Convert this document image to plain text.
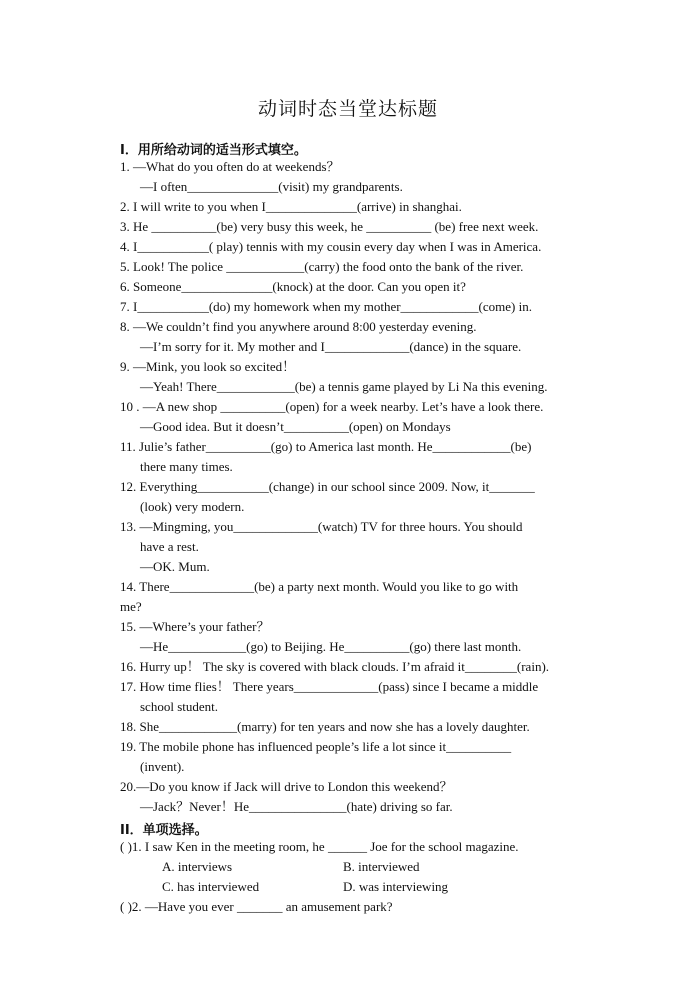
动词时态当堂达标题
I．用所给动词的适当形式填空。
1. —What do you often do at weekends？
—I often______________(visit) my grandparents.
2. I will write to you when I______________(arrive) in shanghai.
3. He __________(be) very busy this week, he __________ (be) free next week.
4. I___________( play) tennis with my cousin every day when I was in America.
5. Look! The police ____________(carry) the food onto the bank of the river.
6. Someone______________(knock) at the door. Can you open it?
7. I___________(do) my homework when my mother____________(come) in.
8. —We couldn’t find you anywhere around 8:00 yesterday evening.
—I’m sorry for it. My mother and I_____________(dance) in the square.
9. —Mink, you look so excited！
—Yeah! There____________(be) a tennis game played by Li Na this evening.
10 . —A new shop __________(open) for a week nearby. Let’s have a look there.
—Good idea. But it doesn’t__________(open) on Mondays
11. Julie’s father__________(go) to America last month. He____________(be)
there many times.
12. Everything___________(change) in our school since 2009. Now, it_______
(look) very modern.
13. —Mingming, you_____________(watch) TV for three hours. You should
have a rest.
—OK. Mum.
14. There_____________(be) a party next month. Would you like to go with
me?
15. —Where’s your father？
—He____________(go) to Beijing. He__________(go) there last month.
16. Hurry up！ The sky is covered with black clouds. I’m afraid it________(rain).
17. How time flies！ There years_____________(pass) since I became a middle
school student.
18. She____________(marry) for ten years and now she has a lovely daughter.
19. The mobile phone has influenced people’s life a lot since it__________
(invent).
20.—Do you know if Jack will drive to London this weekend？
—Jack？Never！He_______________(hate) driving so far.
II．单项选择。
( )1. I saw Ken in the meeting room, he ______ Joe for the school magazine.
A. interviews	B. interviewed
C. has interviewed	D. was interviewing
( )2. —Have you ever _______ an amusement park?
